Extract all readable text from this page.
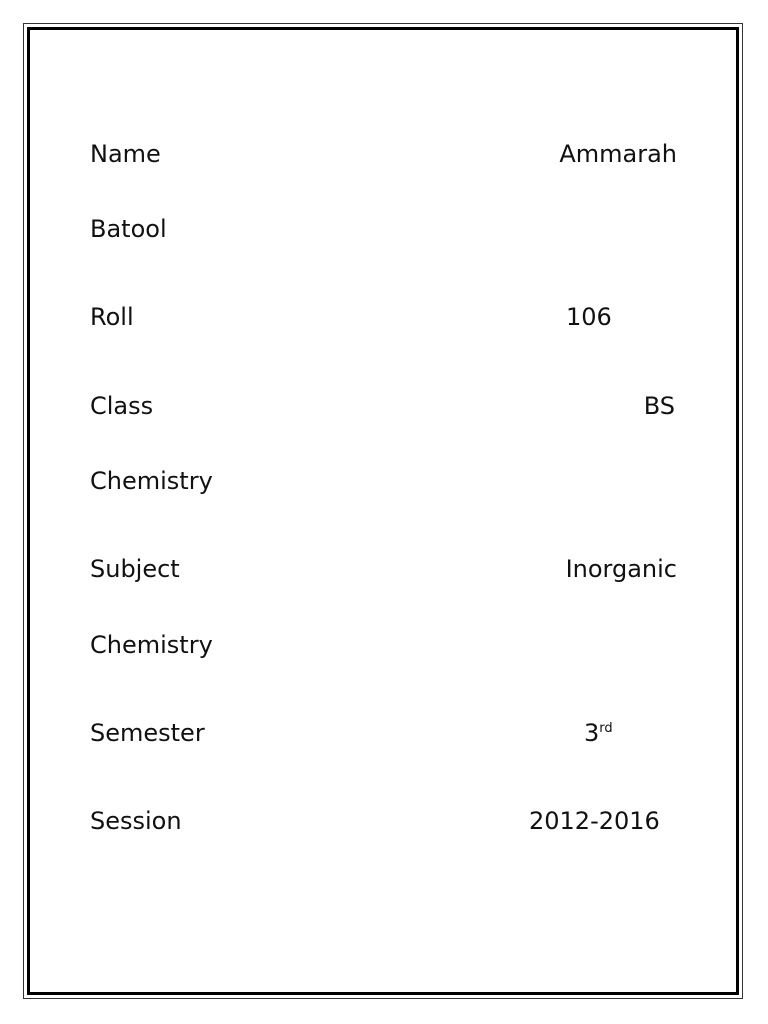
Name	Ammarah
Batool
Roll	106
Class	BS
Chemistry
Subject	Inorganic
Chemistry
Semester	3rd
Session	2012-2016
